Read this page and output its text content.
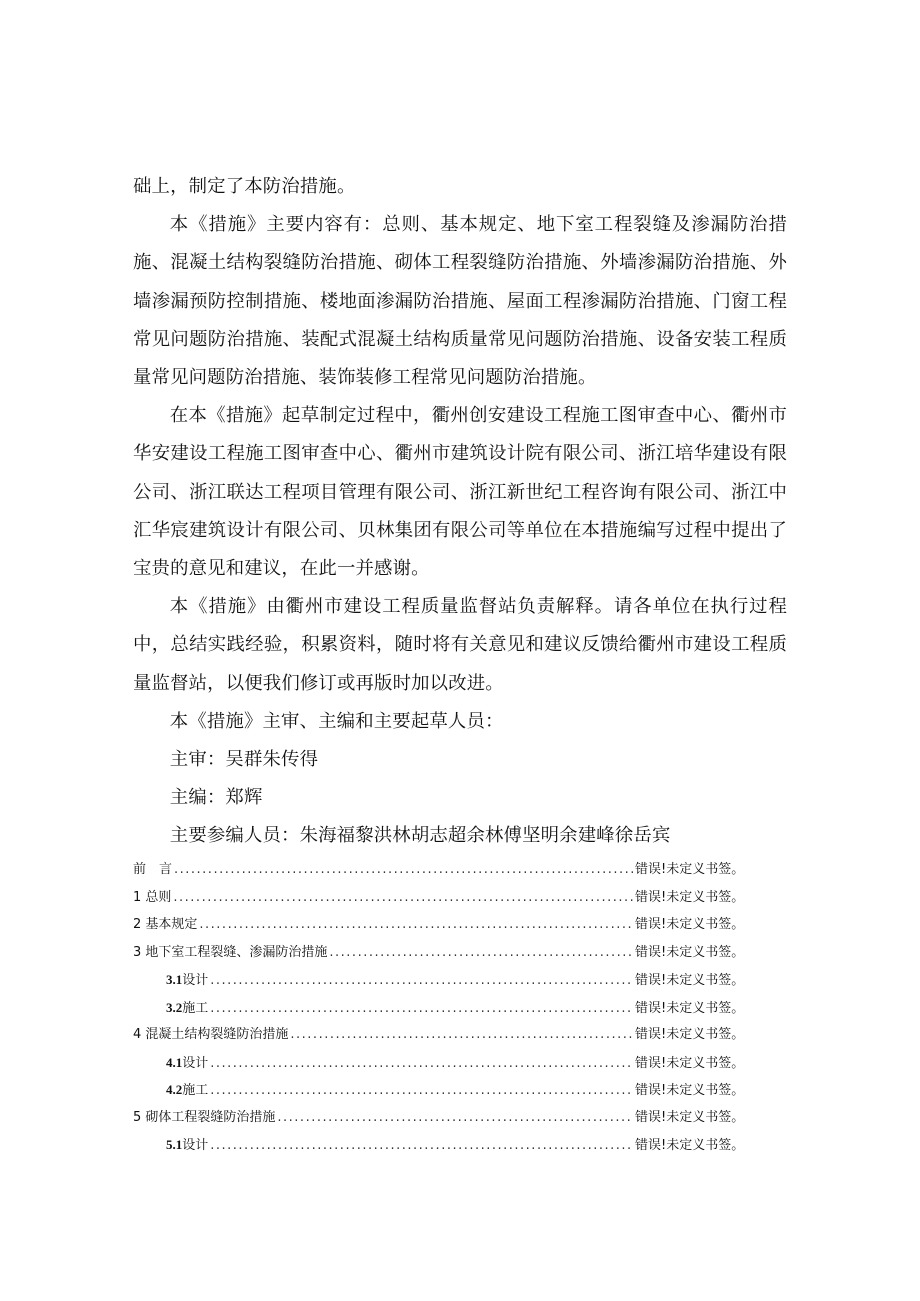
础上，制定了本防治措施。

本《措施》主要内容有：总则、基本规定、地下室工程裂缝及渗漏防治措施、混凝土结构裂缝防治措施、砌体工程裂缝防治措施、外墙渗漏防治措施、外墙渗漏预防控制措施、楼地面渗漏防治措施、屋面工程渗漏防治措施、门窗工程常见问题防治措施、装配式混凝土结构质量常见问题防治措施、设备安装工程质量常见问题防治措施、装饰装修工程常见问题防治措施。

在本《措施》起草制定过程中，衢州创安建设工程施工图审查中心、衢州市华安建设工程施工图审查中心、衢州市建筑设计院有限公司、浙江培华建设有限公司、浙江联达工程项目管理有限公司、浙江新世纪工程咨询有限公司、浙江中汇华宸建筑设计有限公司、贝林集团有限公司等单位在本措施编写过程中提出了宝贵的意见和建议，在此一并感谢。

本《措施》由衢州市建设工程质量监督站负责解释。请各单位在执行过程中，总结实践经验，积累资料，随时将有关意见和建议反馈给衢州市建设工程质量监督站，以便我们修订或再版时加以改进。

本《措施》主审、主编和主要起草人员：

主审：吴群朱传得

主编：郑辉

主要参编人员：朱海福黎洪林胡志超余林傅坚明余建峰徐岳宾

前　言 .....	错误!未定义书签。
1 总则 .....	错误!未定义书签。
2 基本规定 .....	错误!未定义书签。
3 地下室工程裂缝、渗漏防治措施 .....	错误!未定义书签。
3.1 设计 .....	错误!未定义书签。
3.2 施工 .....	错误!未定义书签。
4 混凝土结构裂缝防治措施 .....	错误!未定义书签。
4.1 设计 .....	错误!未定义书签。
4.2 施工 .....	错误!未定义书签。
5 砌体工程裂缝防治措施 .....	错误!未定义书签。
5.1 设计 .....	错误!未定义书签。
